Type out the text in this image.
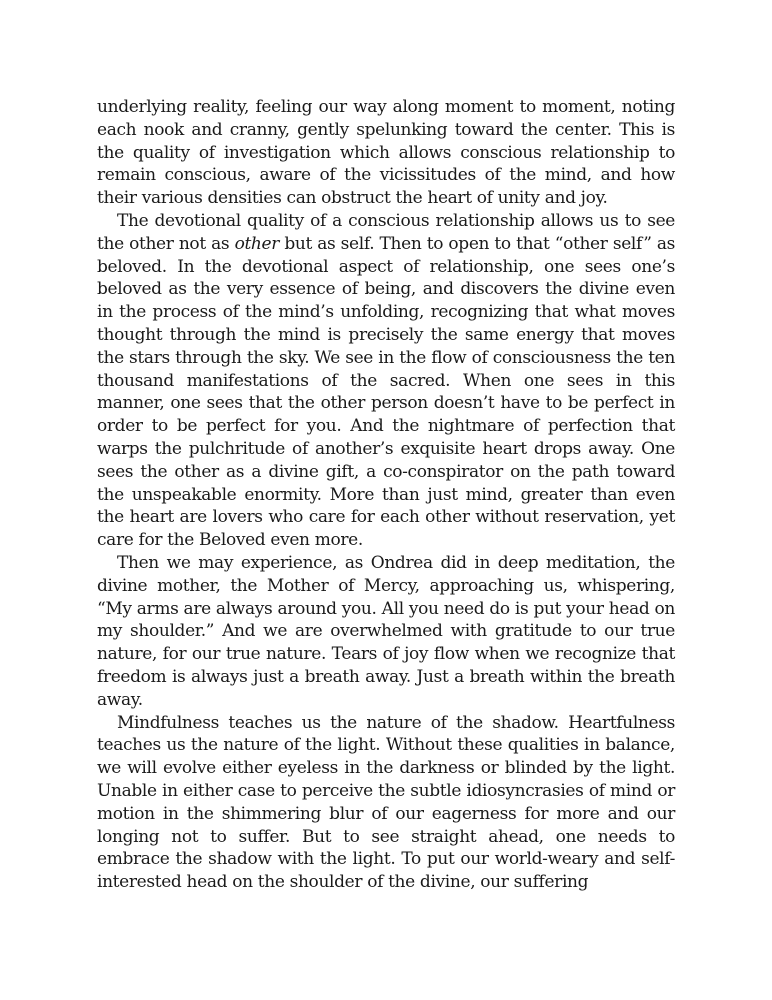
underlying reality, feeling our way along moment to moment, noting each nook and cranny, gently spelunking toward the center. This is the quality of investigation which allows conscious relationship to remain conscious, aware of the vicissitudes of the mind, and how their various densities can obstruct the heart of unity and joy.

The devotional quality of a conscious relationship allows us to see the other not as other but as self. Then to open to that “other self” as beloved. In the devotional aspect of relationship, one sees one’s beloved as the very essence of being, and discovers the divine even in the process of the mind’s unfolding, recognizing that what moves thought through the mind is precisely the same energy that moves the stars through the sky. We see in the flow of consciousness the ten thousand manifestations of the sacred. When one sees in this manner, one sees that the other person doesn’t have to be perfect in order to be perfect for you. And the nightmare of perfection that warps the pulchritude of another’s exquisite heart drops away. One sees the other as a divine gift, a co-conspirator on the path toward the unspeakable enormity. More than just mind, greater than even the heart are lovers who care for each other without reservation, yet care for the Beloved even more.

Then we may experience, as Ondrea did in deep meditation, the divine mother, the Mother of Mercy, approaching us, whispering, “My arms are always around you. All you need do is put your head on my shoulder.” And we are overwhelmed with gratitude to our true nature, for our true nature. Tears of joy flow when we recognize that freedom is always just a breath away. Just a breath within the breath away.

Mindfulness teaches us the nature of the shadow. Heartfulness teaches us the nature of the light. Without these qualities in balance, we will evolve either eyeless in the darkness or blinded by the light. Unable in either case to perceive the subtle idiosyncrasies of mind or motion in the shimmering blur of our eagerness for more and our longing not to suffer. But to see straight ahead, one needs to embrace the shadow with the light. To put our world-weary and self-interested head on the shoulder of the divine, our suffering
